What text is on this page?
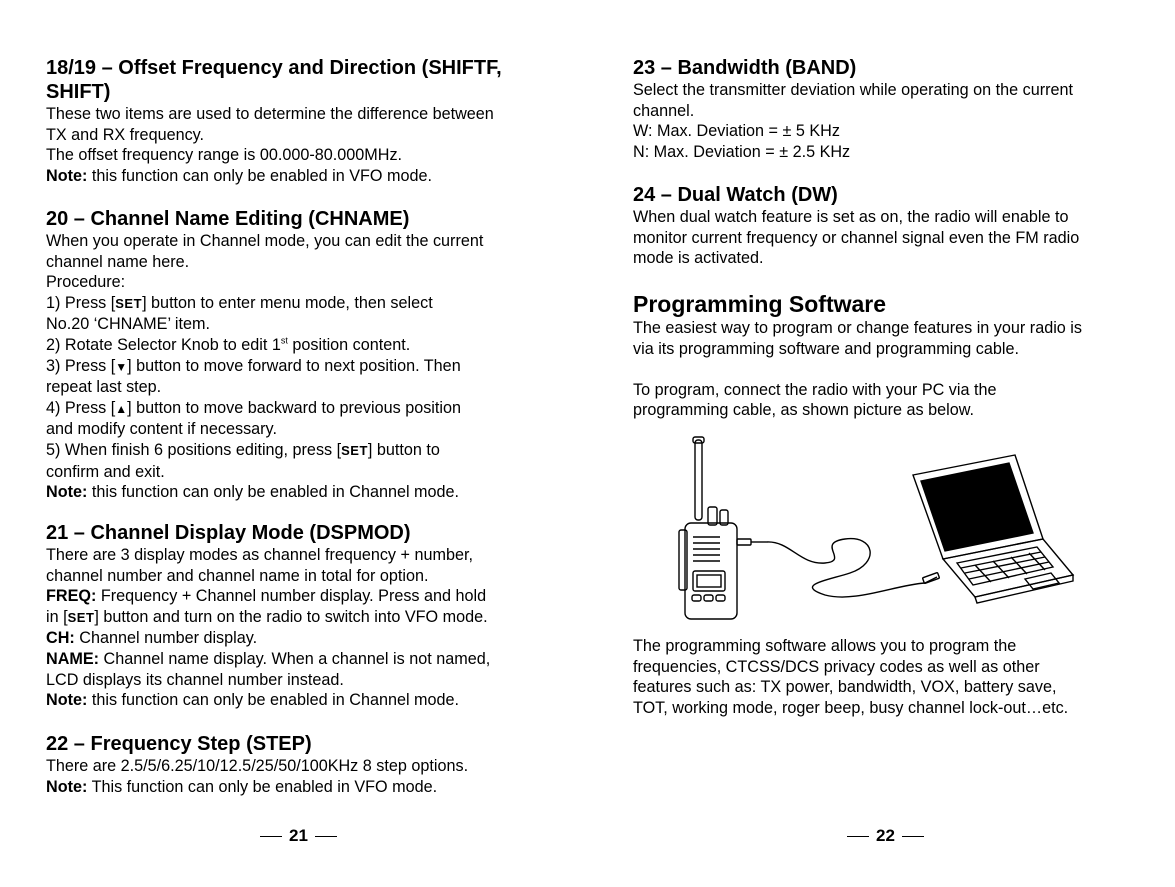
18/19 – Offset Frequency and Direction (SHIFTF,
SHIFT)

These two items are used to determine the difference between

TX and RX frequency.

The offset frequency range is 00.000-80.000MHz.

Note: this function can only be enabled in VFO mode.

20 – Channel Name Editing (CHNAME)

When you operate in Channel mode, you can edit the current

channel name here.

Procedure:

1) Press [SET] button to enter menu mode, then select

No.20 ‘CHNAME’ item.

2) Rotate Selector Knob to edit 1st position content.

3) Press [▼] button to move forward to next position. Then

repeat last step.

4) Press [▲] button to move backward to previous position

and modify content if necessary.

5) When finish 6 positions editing, press [SET] button to

confirm and exit.

Note: this function can only be enabled in Channel mode.

21 – Channel Display Mode (DSPMOD)

There are 3 display modes as channel frequency + number,

channel number and channel name in total for option.

FREQ: Frequency + Channel number display. Press and hold

in [SET] button and turn on the radio to switch into VFO mode.

CH: Channel number display.

NAME: Channel name display. When a channel is not named,

LCD displays its channel number instead.

Note: this function can only be enabled in Channel mode.

22 – Frequency Step (STEP)

There are 2.5/5/6.25/10/12.5/25/50/100KHz 8 step options.

Note: This function can only be enabled in VFO mode.

21
23 – Bandwidth (BAND)

Select the transmitter deviation while operating on the current

channel.

W: Max. Deviation = ± 5 KHz

N: Max. Deviation = ± 2.5 KHz

24 – Dual Watch (DW)

When dual watch feature is set as on, the radio will enable to

monitor current frequency or channel signal even the FM radio

mode is activated.

Programming Software

The easiest way to program or change features in your radio is

via its programming software and programming cable.

To program, connect the radio with your PC via the

programming cable, as shown picture as below.

The programming software allows you to program the

frequencies, CTCSS/DCS privacy codes as well as other

features such as: TX power, bandwidth, VOX, battery save,

TOT, working mode, roger beep, busy channel lock-out…etc.

22
